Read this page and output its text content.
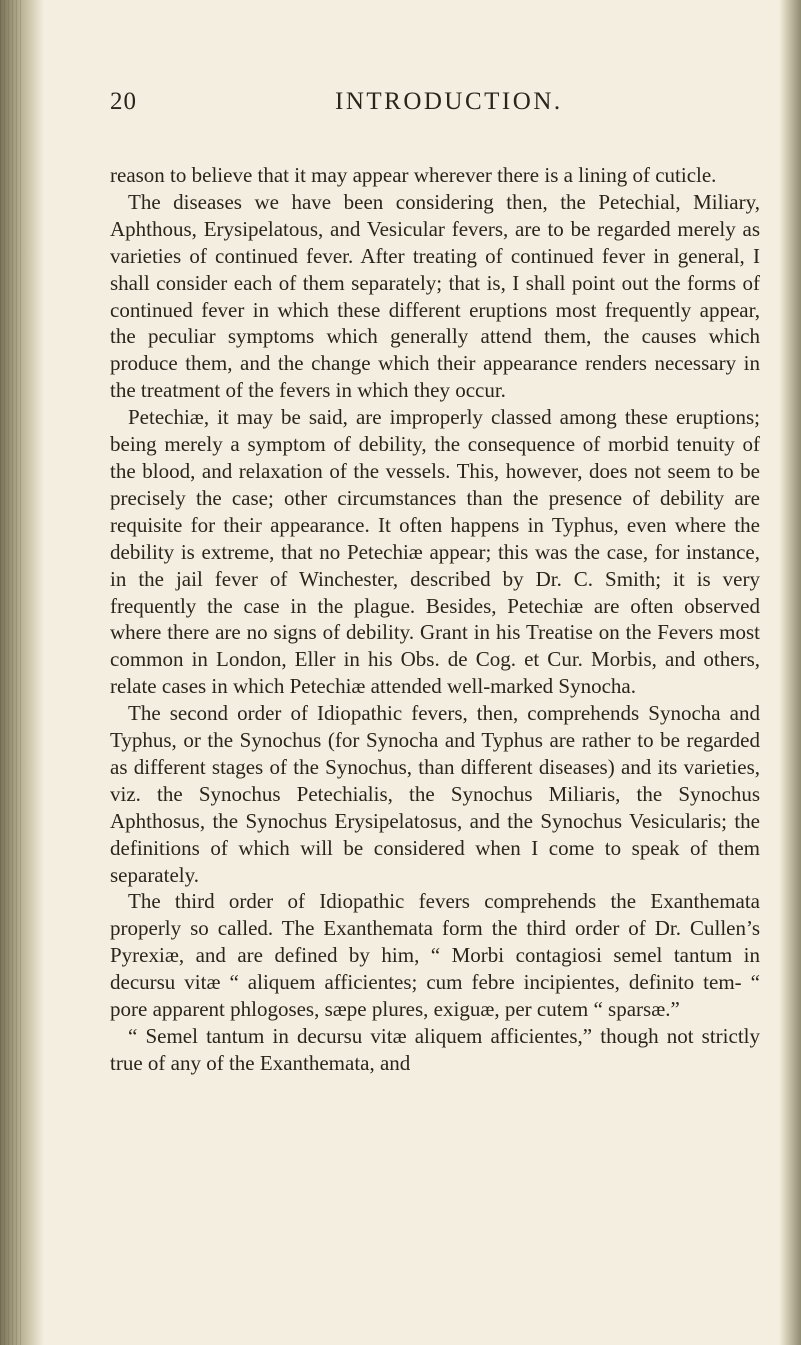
20	INTRODUCTION.

reason to believe that it may appear wherever there is a lining of cuticle.

The diseases we have been considering then, the Petechial, Miliary, Aphthous, Erysipelatous, and Vesicular fevers, are to be regarded merely as varieties of continued fever. After treating of continued fever in general, I shall consider each of them separately; that is, I shall point out the forms of continued fever in which these different eruptions most frequently appear, the peculiar symptoms which generally attend them, the causes which produce them, and the change which their appearance renders necessary in the treatment of the fevers in which they occur.

Petechiæ, it may be said, are improperly classed among these eruptions; being merely a symptom of debility, the consequence of morbid tenuity of the blood, and relaxation of the vessels. This, however, does not seem to be precisely the case; other circumstances than the presence of debility are requisite for their appearance. It often happens in Typhus, even where the debility is extreme, that no Petechiæ appear; this was the case, for instance, in the jail fever of Winchester, described by Dr. C. Smith; it is very frequently the case in the plague. Besides, Petechiæ are often observed where there are no signs of debility. Grant in his Treatise on the Fevers most common in London, Eller in his Obs. de Cog. et Cur. Morbis, and others, relate cases in which Petechiæ attended well-marked Synocha.

The second order of Idiopathic fevers, then, comprehends Synocha and Typhus, or the Synochus (for Synocha and Typhus are rather to be regarded as different stages of the Synochus, than different diseases) and its varieties, viz. the Synochus Petechialis, the Synochus Miliaris, the Synochus Aphthosus, the Synochus Erysipelatosus, and the Synochus Vesicularis; the definitions of which will be considered when I come to speak of them separately.

The third order of Idiopathic fevers comprehends the Exanthemata properly so called. The Exanthemata form the third order of Dr. Cullen’s Pyrexiæ, and are defined by him, “ Morbi contagiosi semel tantum in decursu vitæ “ aliquem afficientes; cum febre incipientes, definito tem- “ pore apparent phlogoses, sæpe plures, exiguæ, per cutem “ sparsæ.”

“ Semel tantum in decursu vitæ aliquem afficientes,” though not strictly true of any of the Exanthemata, and
